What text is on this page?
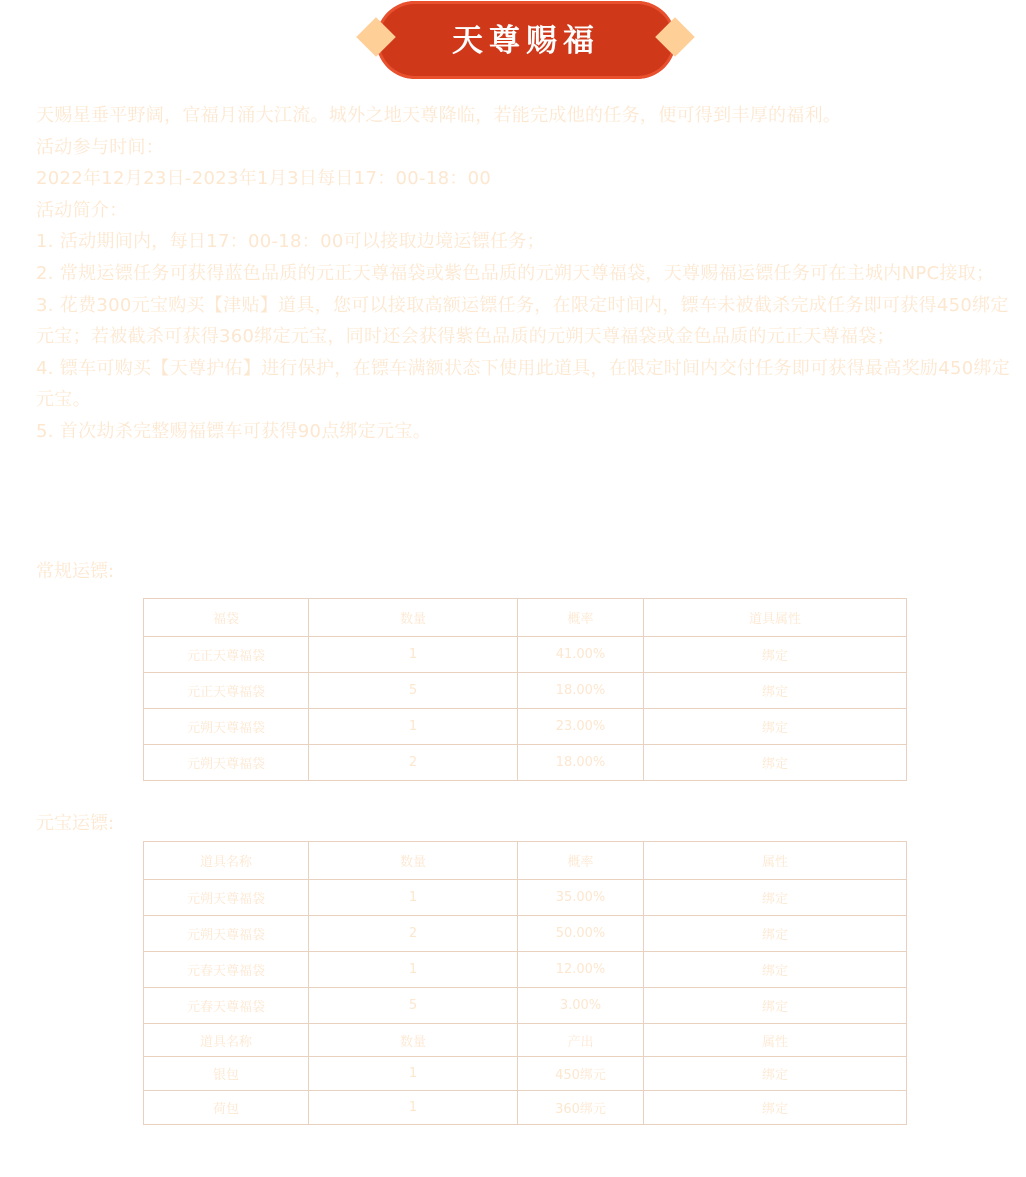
天尊赐福

天赐星垂平野阔，官福月涌大江流。城外之地天尊降临，若能完成他的任务，便可得到丰厚的福利。

活动参与时间：

2022年12月23日-2023年1月3日每日17：00-18：00

活动简介：

1. 活动期间内，每日17：00-18：00可以接取边境运镖任务；

2. 常规运镖任务可获得蓝色品质的元正天尊福袋或紫色品质的元朔天尊福袋，天尊赐福运镖任务可在主城内NPC接取；

3. 花费300元宝购买【津贴】道具，您可以接取高额运镖任务，在限定时间内，镖车未被截杀完成任务即可获得450绑定元宝；若被截杀可获得360绑定元宝，同时还会获得紫色品质的元朔天尊福袋或金色品质的元正天尊福袋；

4. 镖车可购买【天尊护佑】进行保护，在镖车满额状态下使用此道具，在限定时间内交付任务即可获得最高奖励450绑定元宝。

5. 首次劫杀完整赐福镖车可获得90点绑定元宝。

常规运镖:
福袋	数量	概率	道具属性
元正天尊福袋	1	41.00%	绑定
元正天尊福袋	5	18.00%	绑定
元朔天尊福袋	1	23.00%	绑定
元朔天尊福袋	2	18.00%	绑定
元宝运镖:
道具名称	数量	概率	属性
元朔天尊福袋	1	35.00%	绑定
元朔天尊福袋	2	50.00%	绑定
元春天尊福袋	1	12.00%	绑定
元春天尊福袋	5	3.00%	绑定
道具名称	数量	产出	属性
银包	1	450绑元	绑定
荷包	1	360绑元	绑定
